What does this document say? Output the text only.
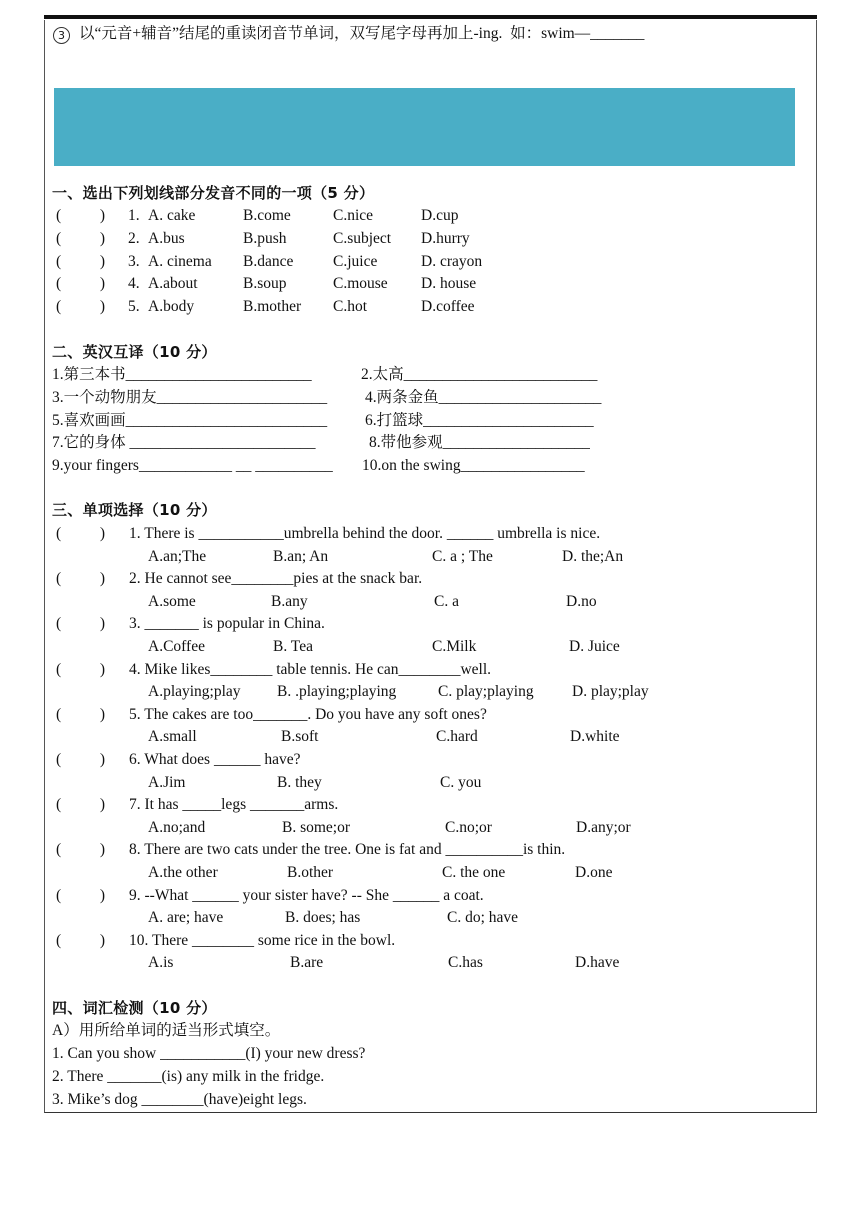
3 以“元音+辅音”结尾的重读闭音节单词，双写尾字母再加上-ing.  如：swim—_______
一、选出下列划线部分发音不同的一项（5 分）
(          ) 1. A. cake	B.come	C.nice	D.cup
(          ) 2. A.bus	B.push	C.subject D.hurry
(          ) 3. A. cinema B.dance	C.juice	D. crayon
(          ) 4. A.about	B.soup	C.mouse D. house
(          ) 5. A.body	B.mother C.hot	D.coffee
二、英汉互译（10 分）
1.第三本书________________________	2.太高_________________________
3.一个动物朋友______________________ 4.两条金鱼_____________________
5.喜欢画画__________________________ 6.打篮球______________________
7.它的身体 ________________________	8.带他参观___________________
9.your fingers____________ __ __________ 10.on the swing________________
三、单项选择（10 分）
(          ) 1. There is ___________umbrella behind the door. ______ umbrella is nice.
A.an;The	B.an; An	C. a ; The	D. the;An
(          ) 2. He cannot see________pies at the snack bar.
A.some	B.any	C. a	D.no
(          ) 3. _______ is popular in China.
A.Coffee	B. Tea	C.Milk	D. Juice
(          ) 4. Mike likes________ table tennis. He can________well.
A.playing;play B. .playing;playing	C. play;playing D. play;play
(          ) 5. The cakes are too_______. Do you have any soft ones?
A.small	B.soft	C.hard	D.white
(          ) 6. What does ______ have?
A.Jim	B. they	C. you
(          ) 7. It has _____legs _______arms.
A.no;and	B. some;or	C.no;or	D.any;or
(          ) 8. There are two cats under the tree. One is fat and __________is thin.
A.the other	B.other	C. the one	D.one
(          ) 9. --What ______ your sister have? -- She ______ a coat.
A. are; have	B. does; has	C. do; have
(          ) 10. There ________ some rice in the bowl.
A.is	B.are	C.has	D.have
四、词汇检测（10 分）
A）用所给单词的适当形式填空。
1. Can you show ___________(I) your new dress?
2. There _______(is) any milk in the fridge.
3. Mike’s dog ________(have)eight legs.
